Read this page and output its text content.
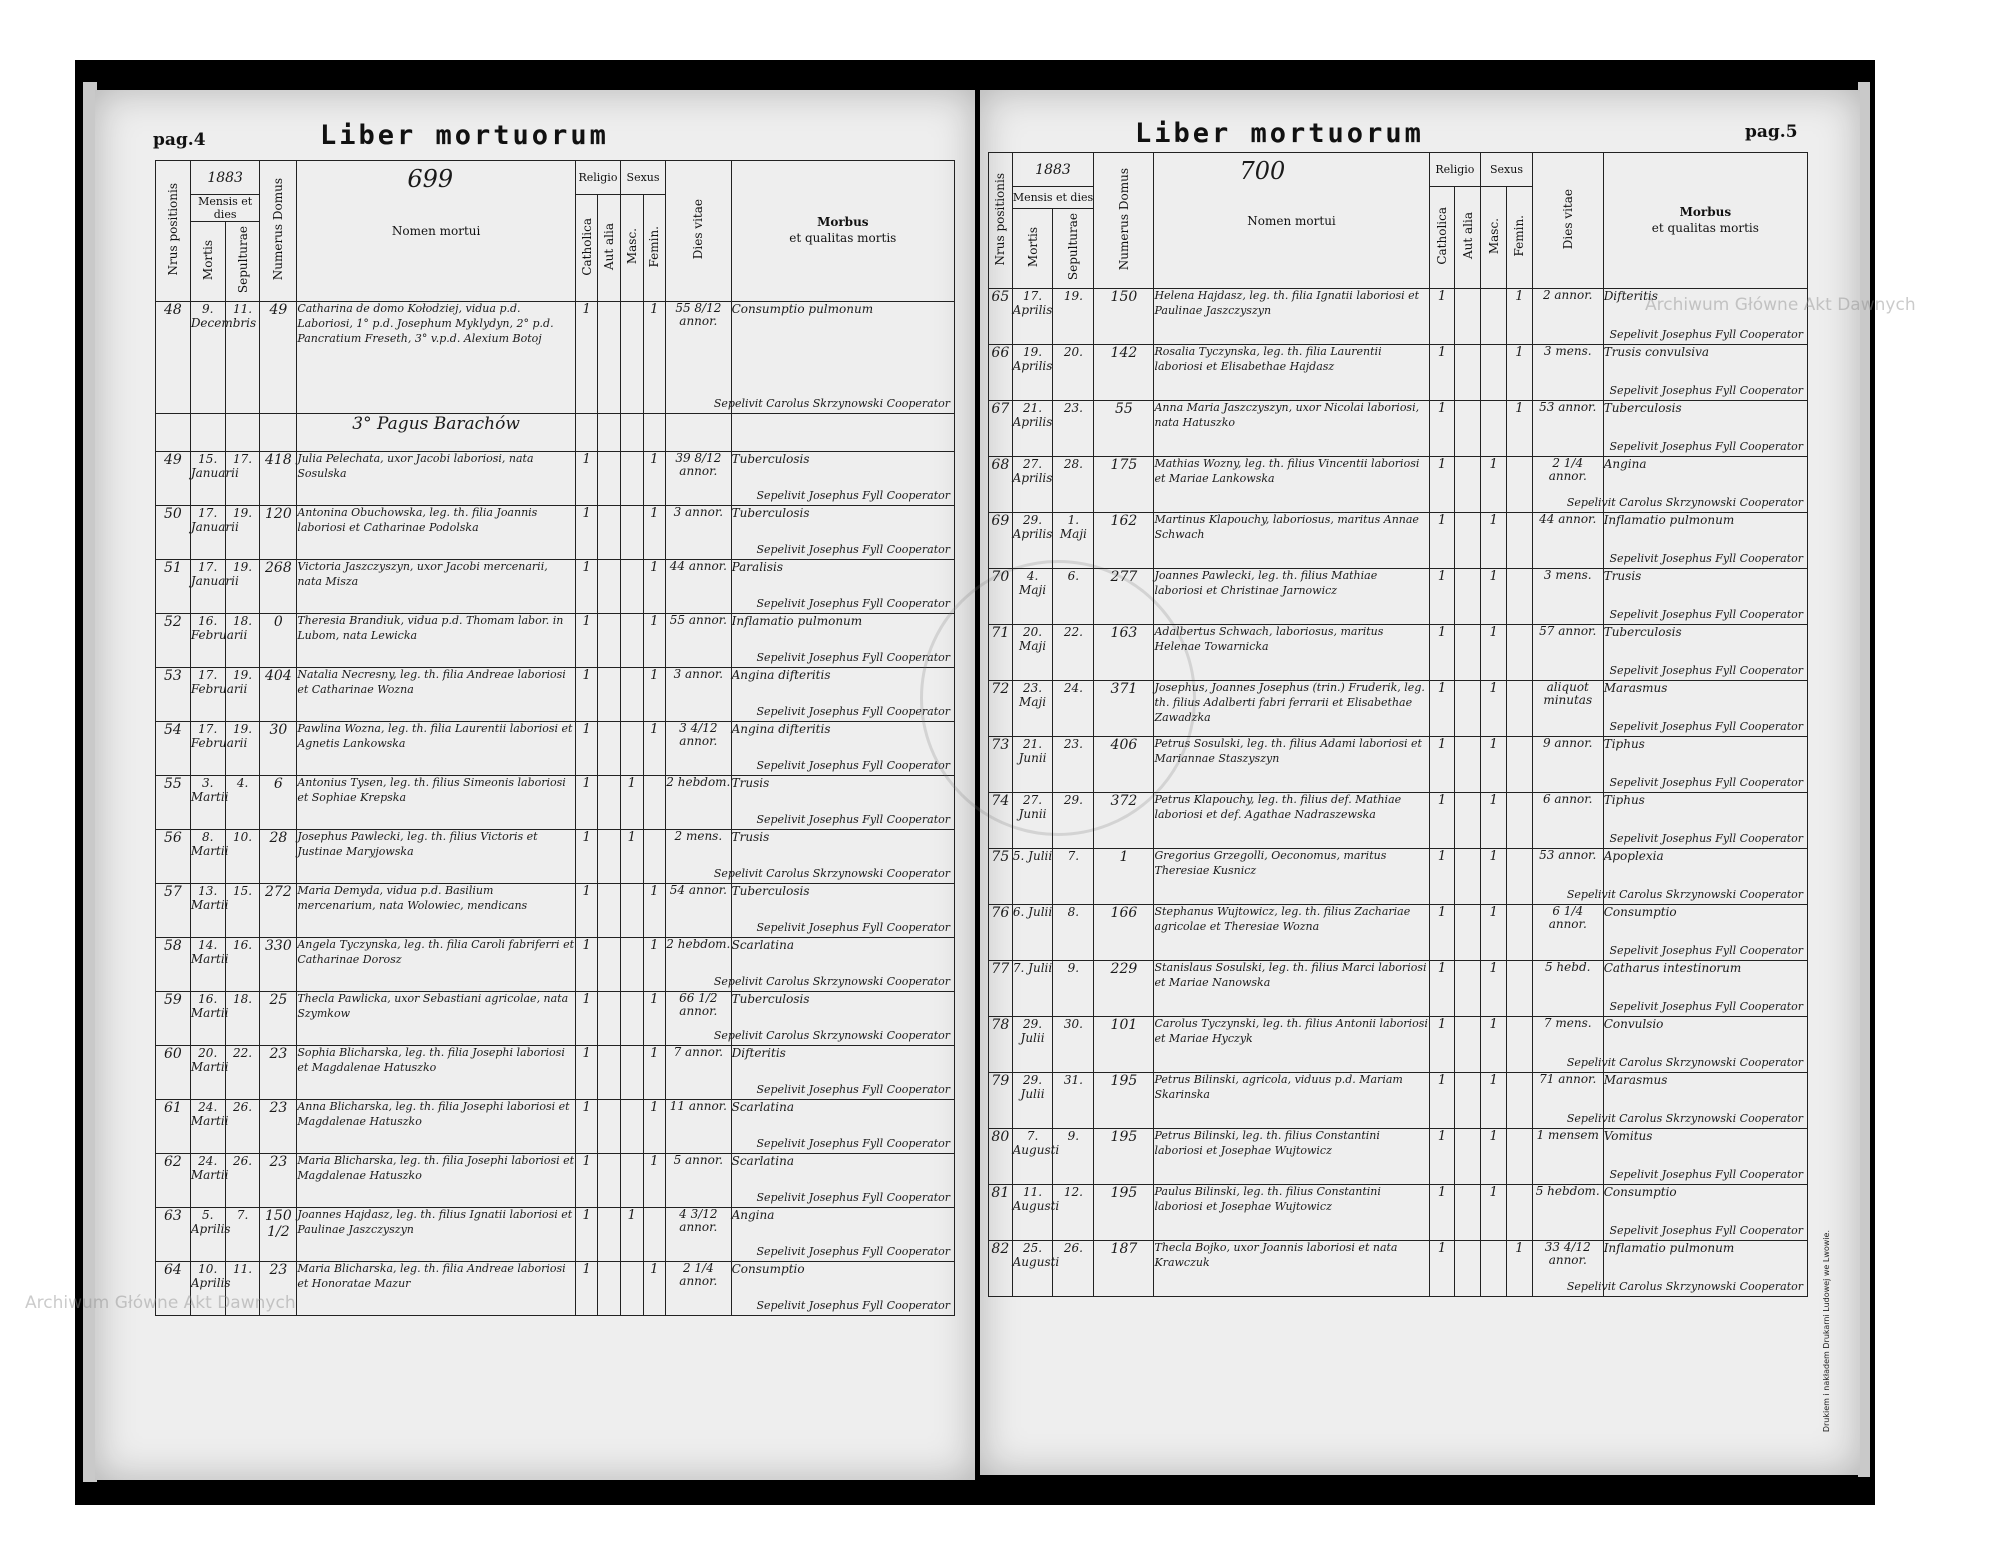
pag.4	Liber mortuorum
Nrus positionis	1883		Numerus Domus	699
Nomen mortui	Religio		Sexus		Dies vitae	Morbus
et qualitas mortis
	Mensis et dies				Catholica	Aut alia	Masc.	Femin.		
	Mortis	Sepulturae								
48	9. Decembris	11.	49	Catharina de domo Kołodziej, vidua p.d. Laboriosi, 1° p.d. Josephum Myklydyn, 2° p.d. Pancratium Freseth, 3° v.p.d. Alexium Botoj	1			1	55 8/12 annor.	Consumptio pulmonum
Sepelivit Carolus Skrzynowski Cooperator

				3° Pagus Barachów						
49	15. Januarii	17.	418	Julia Pelechata, uxor Jacobi laboriosi, nata Sosulska	1			1	39 8/12 annor.	Tuberculosis
Sepelivit Josephus Fyll Cooperator

50	17. Januarii	19.	120	Antonina Obuchowska, leg. th. filia Joannis laboriosi et Catharinae Podolska	1			1	3 annor.	Tuberculosis
Sepelivit Josephus Fyll Cooperator

51	17. Januarii	19.	268	Victoria Jaszczyszyn, uxor Jacobi mercenarii, nata Misza	1			1	44 annor.	Paralisis
Sepelivit Josephus Fyll Cooperator

52	16. Februarii	18.	0	Theresia Brandiuk, vidua p.d. Thomam labor. in Lubom, nata Lewicka	1			1	55 annor.	Inflamatio pulmonum
Sepelivit Josephus Fyll Cooperator

53	17. Februarii	19.	404	Natalia Necresny, leg. th. filia Andreae laboriosi et Catharinae Wozna	1			1	3 annor.	Angina difteritis
Sepelivit Josephus Fyll Cooperator

54	17. Februarii	19.	30	Pawlina Wozna, leg. th. filia Laurentii laboriosi et Agnetis Lankowska	1			1	3 4/12 annor.	Angina difteritis
Sepelivit Josephus Fyll Cooperator

55	3. Martii	4.	6	Antonius Tysen, leg. th. filius Simeonis laboriosi et Sophiae Krepska	1		1		2 hebdom.	Trusis
Sepelivit Josephus Fyll Cooperator

56	8. Martii	10.	28	Josephus Pawlecki, leg. th. filius Victoris et Justinae Maryjowska	1		1		2 mens.	Trusis
Sepelivit Carolus Skrzynowski Cooperator

57	13. Martii	15.	272	Maria Demyda, vidua p.d. Basilium mercenarium, nata Wolowiec, mendicans	1			1	54 annor.	Tuberculosis
Sepelivit Josephus Fyll Cooperator

58	14. Martii	16.	330	Angela Tyczynska, leg. th. filia Caroli fabriferri et Catharinae Dorosz	1			1	2 hebdom.	Scarlatina
Sepelivit Carolus Skrzynowski Cooperator

59	16. Martii	18.	25	Thecla Pawlicka, uxor Sebastiani agricolae, nata Szymkow	1			1	66 1/2 annor.	Tuberculosis
Sepelivit Carolus Skrzynowski Cooperator

60	20. Martii	22.	23	Sophia Blicharska, leg. th. filia Josephi laboriosi et Magdalenae Hatuszko	1			1	7 annor.	Difteritis
Sepelivit Josephus Fyll Cooperator

61	24. Martii	26.	23	Anna Blicharska, leg. th. filia Josephi laboriosi et Magdalenae Hatuszko	1			1	11 annor.	Scarlatina
Sepelivit Josephus Fyll Cooperator

62	24. Martii	26.	23	Maria Blicharska, leg. th. filia Josephi laboriosi et Magdalenae Hatuszko	1			1	5 annor.	Scarlatina
Sepelivit Josephus Fyll Cooperator

63	5. Aprilis	7.	150 1/2	Joannes Hajdasz, leg. th. filius Ignatii laboriosi et Paulinae Jaszczyszyn	1		1		4 3/12 annor.	Angina
Sepelivit Josephus Fyll Cooperator

64	10. Aprilis	11.	23	Maria Blicharska, leg. th. filia Andreae laboriosi et Honoratae Mazur	1			1	2 1/4 annor.	Consumptio
Sepelivit Josephus Fyll Cooperator
Archiwum Główne Akt Dawnych
Liber mortuorum	pag.5
Nrus positionis	1883		Numerus Domus	700
Nomen mortui	Religio		Sexus		Dies vitae	Morbus
et qualitas mortis
	Mensis et dies				Catholica	Aut alia	Masc.	Femin.		
	Mortis	Sepulturae								
65	17. Aprilis	19.	150	Helena Hajdasz, leg. th. filia Ignatii laboriosi et Paulinae Jaszczyszyn	1			1	2 annor.	Difteritis
Sepelivit Josephus Fyll Cooperator

66	19. Aprilis	20.	142	Rosalia Tyczynska, leg. th. filia Laurentii laboriosi et Elisabethae Hajdasz	1			1	3 mens.	Trusis convulsiva
Sepelivit Josephus Fyll Cooperator

67	21. Aprilis	23.	55	Anna Maria Jaszczyszyn, uxor Nicolai laboriosi, nata Hatuszko	1			1	53 annor.	Tuberculosis
Sepelivit Josephus Fyll Cooperator

68	27. Aprilis	28.	175	Mathias Wozny, leg. th. filius Vincentii laboriosi et Mariae Lankowska	1		1		2 1/4 annor.	Angina
Sepelivit Carolus Skrzynowski Cooperator

69	29. Aprilis	1. Maji	162	Martinus Klapouchy, laboriosus, maritus Annae Schwach	1		1		44 annor.	Inflamatio pulmonum
Sepelivit Josephus Fyll Cooperator

70	4. Maji	6.	277	Joannes Pawlecki, leg. th. filius Mathiae laboriosi et Christinae Jarnowicz	1		1		3 mens.	Trusis
Sepelivit Josephus Fyll Cooperator

71	20. Maji	22.	163	Adalbertus Schwach, laboriosus, maritus Helenae Towarnicka	1		1		57 annor.	Tuberculosis
Sepelivit Josephus Fyll Cooperator

72	23. Maji	24.	371	Josephus, Joannes Josephus (trin.) Fruderik, leg. th. filius Adalberti fabri ferrarii et Elisabethae Zawadzka	1		1		aliquot minutas	Marasmus
Sepelivit Josephus Fyll Cooperator

73	21. Junii	23.	406	Petrus Sosulski, leg. th. filius Adami laboriosi et Mariannae Staszyszyn	1		1		9 annor.	Tiphus
Sepelivit Josephus Fyll Cooperator

74	27. Junii	29.	372	Petrus Klapouchy, leg. th. filius def. Mathiae laboriosi et def. Agathae Nadraszewska	1		1		6 annor.	Tiphus
Sepelivit Josephus Fyll Cooperator

75	5. Julii	7.	1	Gregorius Grzegolli, Oeconomus, maritus Theresiae Kusnicz	1		1		53 annor.	Apoplexia
Sepelivit Carolus Skrzynowski Cooperator

76	6. Julii	8.	166	Stephanus Wujtowicz, leg. th. filius Zachariae agricolae et Theresiae Wozna	1		1		6 1/4 annor.	Consumptio
Sepelivit Josephus Fyll Cooperator

77	7. Julii	9.	229	Stanislaus Sosulski, leg. th. filius Marci laboriosi et Mariae Nanowska	1		1		5 hebd.	Catharus intestinorum
Sepelivit Josephus Fyll Cooperator

78	29. Julii	30.	101	Carolus Tyczynski, leg. th. filius Antonii laboriosi et Mariae Hyczyk	1		1		7 mens.	Convulsio
Sepelivit Carolus Skrzynowski Cooperator

79	29. Julii	31.	195	Petrus Bilinski, agricola, viduus p.d. Mariam Skarinska	1		1		71 annor.	Marasmus
Sepelivit Carolus Skrzynowski Cooperator

80	7. Augusti	9.	195	Petrus Bilinski, leg. th. filius Constantini laboriosi et Josephae Wujtowicz	1		1		1 mensem	Vomitus
Sepelivit Josephus Fyll Cooperator

81	11. Augusti	12.	195	Paulus Bilinski, leg. th. filius Constantini laboriosi et Josephae Wujtowicz	1		1		5 hebdom.	Consumptio
Sepelivit Josephus Fyll Cooperator

82	25. Augusti	26.	187	Thecla Bojko, uxor Joannis laboriosi et nata Krawczuk	1			1	33 4/12 annor.	Inflamatio pulmonum
Sepelivit Carolus Skrzynowski Cooperator
Archiwum Główne Akt Dawnych
Drukiem i nakładem Drukarni Ludowej we Lwowie.
